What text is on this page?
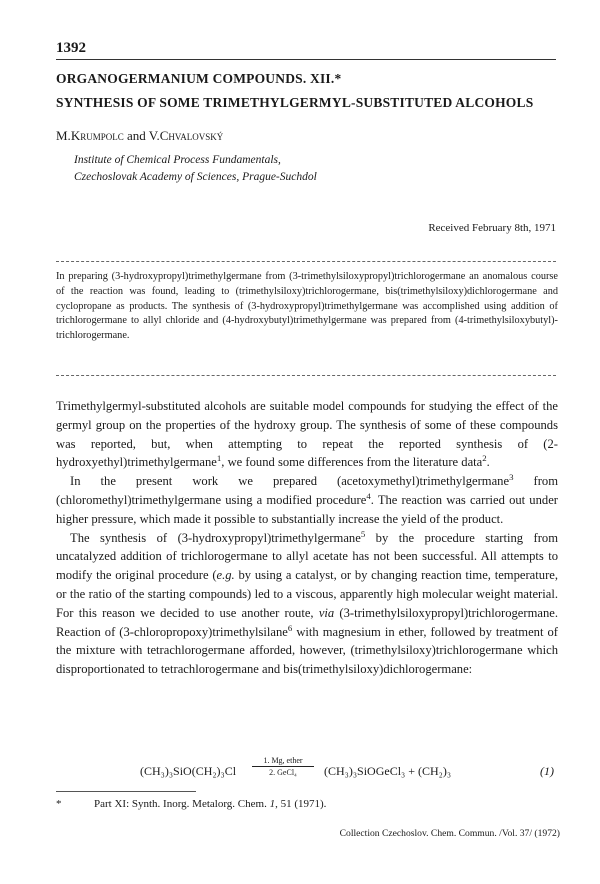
1392
ORGANOGERMANIUM COMPOUNDS. XII.*
SYNTHESIS OF SOME TRIMETHYLGERMYL-SUBSTITUTED ALCOHOLS
M.Krumpolc and V.Chvalovský
Institute of Chemical Process Fundamentals,
Czechoslovak Academy of Sciences, Prague-Suchdol
Received February 8th, 1971

In preparing (3-hydroxypropyl)trimethylgermane from (3-trimethylsiloxypropyl)trichlorogermane an anomalous course of the reaction was found, leading to (trimethylsiloxy)trichlorogermane, bis(trimethylsiloxy)dichlorogermane and cyclopropane as products. The synthesis of (3-hydroxypropyl)trimethylgermane was accomplished using addition of trichlorogermane to allyl chloride and (4-hydroxybutyl)trimethylgermane was prepared from (4-trimethylsiloxybutyl)-trichlorogermane.

Trimethylgermyl-substituted alcohols are suitable model compounds for studying the effect of the germyl group on the properties of the hydroxy group. The synthesis of some of these compounds was reported, but, when attempting to repeat the reported synthesis of (2-hydroxyethyl)trimethylgermane$^1$, we found some differences from the literature data$^2$.

In the present work we prepared (acetoxymethyl)trimethylgermane$^3$ from (chloromethyl)trimethylgermane using a modified procedure$^4$. The reaction was carried out under higher pressure, which made it possible to substantially increase the yield of the product.

The synthesis of (3-hydroxypropyl)trimethylgermane$^5$ by the procedure starting from uncatalyzed addition of trichlorogermane to allyl acetate has not been successful. All attempts to modify the original procedure (e.g. by using a catalyst, or by changing reaction time, temperature, or the ratio of the starting compounds) led to a viscous, apparently high molecular weight material. For this reason we decided to use another route, via (3-trimethylsiloxypropyl)trichlorogermane. Reaction of (3-chloropropoxy)trimethylsilane$^6$ with magnesium in ether, followed by treatment of the mixture with tetrachlorogermane afforded, however, (trimethylsiloxy)trichlorogermane which disproportionated to tetrachlorogermane and bis(trimethylsiloxy)dichlorogermane:

(CH₃)₃SiO(CH₂)₃Cl
1. Mg, ether
2. GeCl₄	(CH₃)₃SiOGeCl₃ + (CH₂)₃	(1)
*	Part XI: Synth. Inorg. Metalorg. Chem. 1, 51 (1971).
Collection Czechoslov. Chem. Commun. /Vol. 37/ (1972)
